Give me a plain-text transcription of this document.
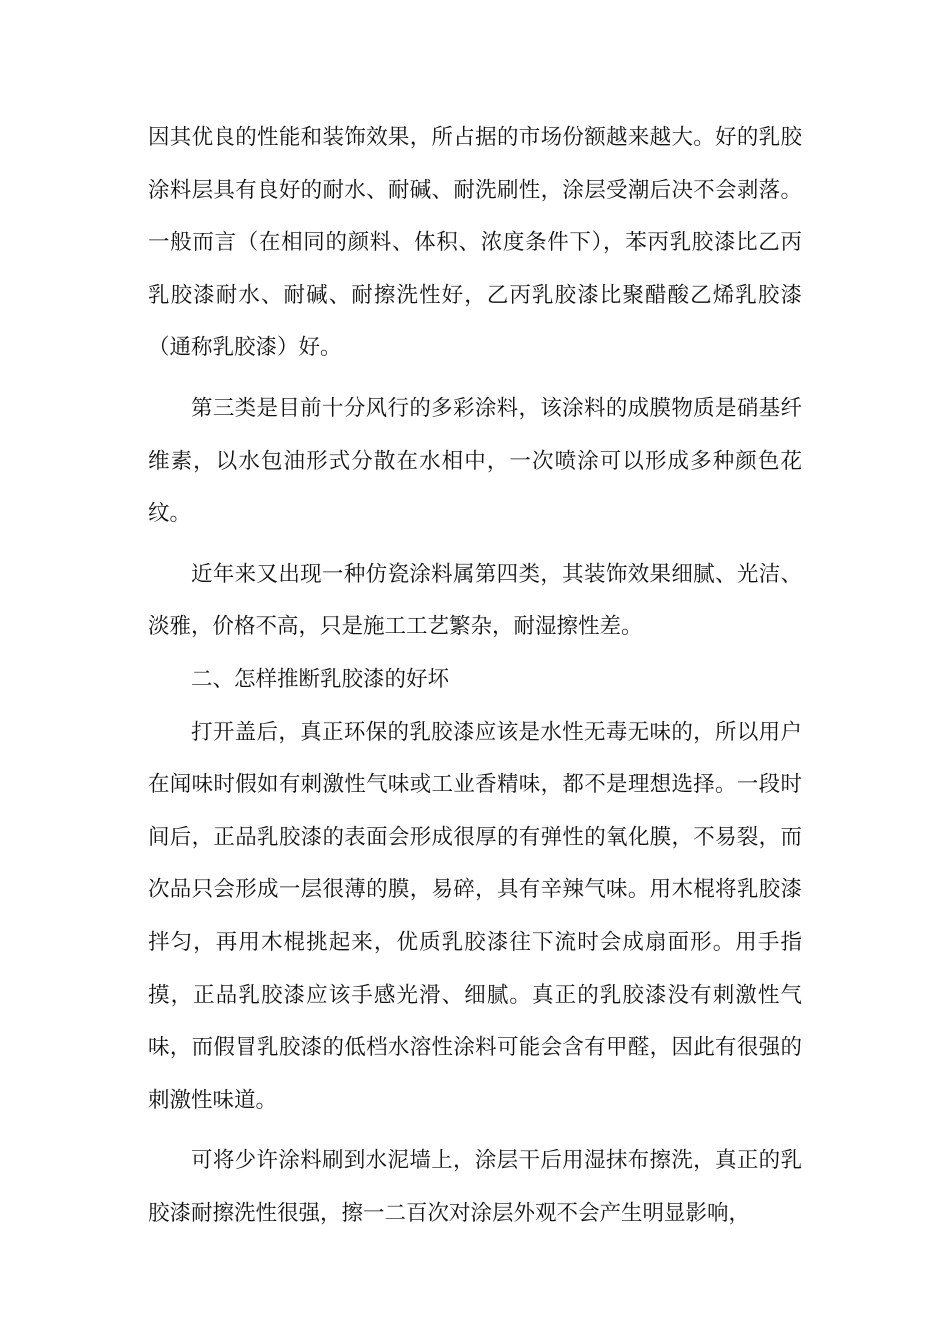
因其优良的性能和装饰效果，所占据的市场份额越来越大。好的乳胶涂料层具有良好的耐水、耐碱、耐洗刷性，涂层受潮后决不会剥落。一般而言（在相同的颜料、体积、浓度条件下），苯丙乳胶漆比乙丙乳胶漆耐水、耐碱、耐擦洗性好，乙丙乳胶漆比聚醋酸乙烯乳胶漆（通称乳胶漆）好。

第三类是目前十分风行的多彩涂料，该涂料的成膜物质是硝基纤维素，以水包油形式分散在水相中，一次喷涂可以形成多种颜色花纹。

近年来又出现一种仿瓷涂料属第四类，其装饰效果细腻、光洁、淡雅，价格不高，只是施工工艺繁杂，耐湿擦性差。

二、怎样推断乳胶漆的好坏

打开盖后，真正环保的乳胶漆应该是水性无毒无味的，所以用户在闻味时假如有刺激性气味或工业香精味，都不是理想选择。一段时间后，正品乳胶漆的表面会形成很厚的有弹性的氧化膜，不易裂，而次品只会形成一层很薄的膜，易碎，具有辛辣气味。用木棍将乳胶漆拌匀，再用木棍挑起来，优质乳胶漆往下流时会成扇面形。用手指摸，正品乳胶漆应该手感光滑、细腻。真正的乳胶漆没有刺激性气味，而假冒乳胶漆的低档水溶性涂料可能会含有甲醛，因此有很强的刺激性味道。

可将少许涂料刷到水泥墙上，涂层干后用湿抹布擦洗，真正的乳胶漆耐擦洗性很强，擦一二百次对涂层外观不会产生明显影响，
